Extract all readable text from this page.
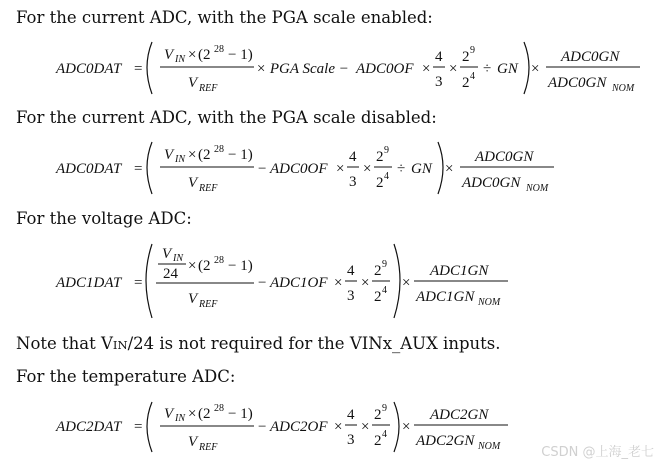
For the current ADC, with the PGA scale enabled:
For the current ADC, with the PGA scale disabled:
For the voltage ADC:
Note that VIN/24 is not required for the VINx_AUX inputs.
For the temperature ADC:
ADC0DAT =
V IN × (2 28 − 1)
V REF
× PGA Scale − ADC0OF ×
4
3
×
2 9
2 4 ÷ GN ×
ADC0GN
ADC0GN NOM
ADC0DAT =
V IN × (2 28 − 1)
V REF
− ADC0OF ×
4
3
×
2 9
2 4 ÷ GN ×
ADC0GN
ADC0GN NOM
ADC1DAT =
V IN
24 × (2 28 − 1)
V REF
− ADC1OF ×
4
3
×
2 9
2 4 ×
ADC1GN
ADC1GN NOM
ADC2DAT =
V IN × (2 28 − 1)
V REF
− ADC2OF ×
4
3
×
2 9
2 4 ×
ADC2GN
ADC2GN NOM	CSDN @上海_老七
